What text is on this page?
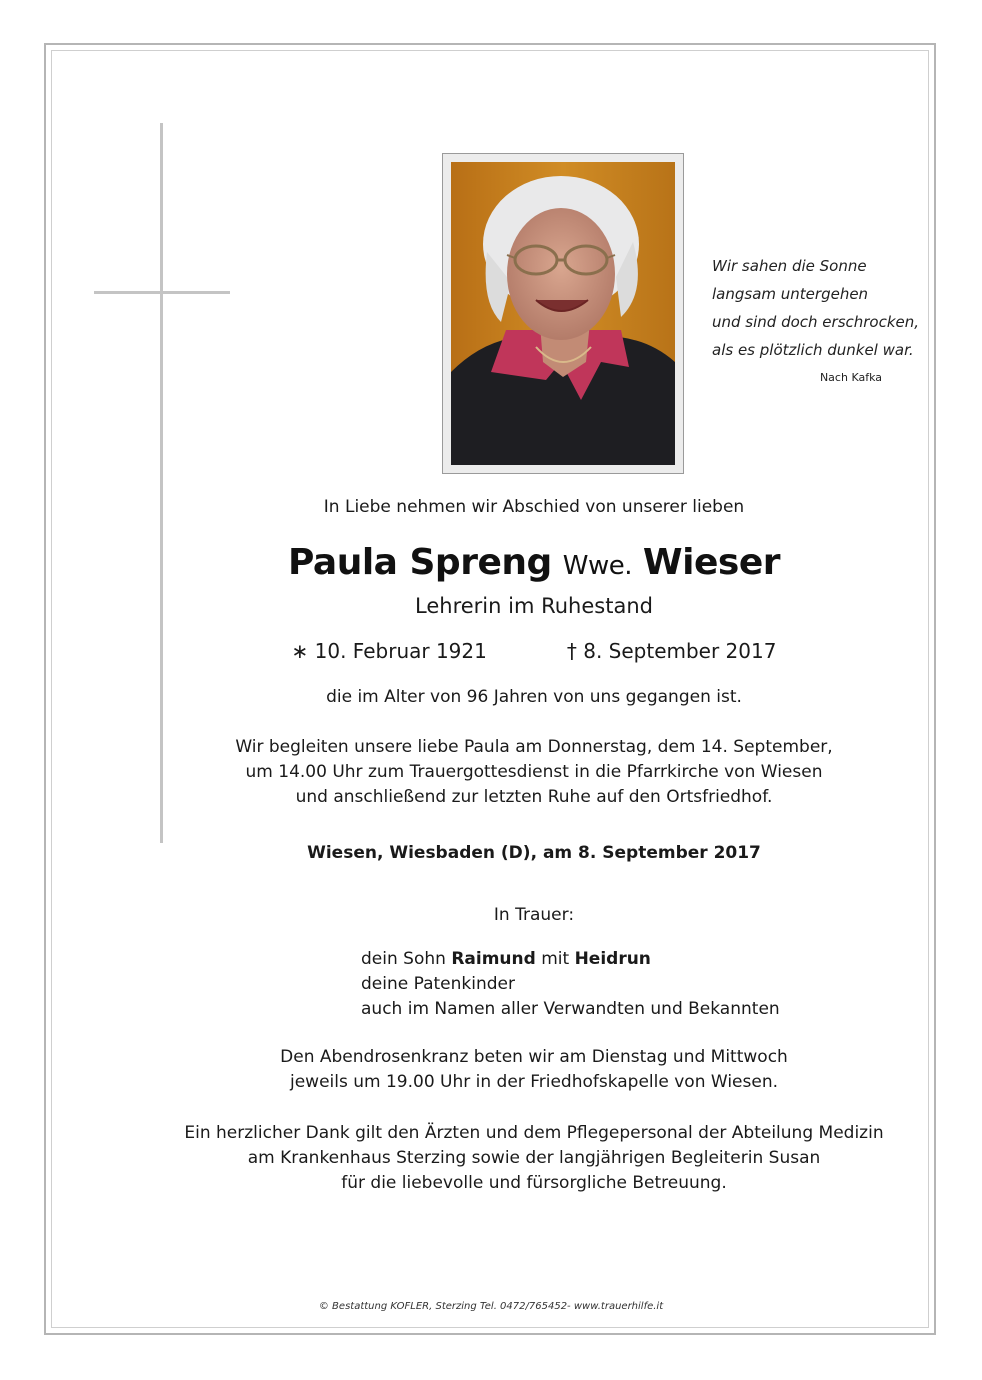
Wir sahen die Sonne
langsam untergehen
und sind doch erschrocken,
als es plötzlich dunkel war.
Nach Kafka
In Liebe nehmen wir Abschied von unserer lieben
Paula Spreng Wwe. Wieser
Lehrerin im Ruhestand
∗ 10. Februar 1921	† 8. September 2017
die im Alter von 96 Jahren von uns gegangen ist.
Wir begleiten unsere liebe Paula am Donnerstag, dem 14. September,
um 14.00 Uhr zum Trauergottesdienst in die Pfarrkirche von Wiesen
und anschließend zur letzten Ruhe auf den Ortsfriedhof.
Wiesen, Wiesbaden (D), am 8. September 2017
In Trauer:
dein Sohn Raimund mit Heidrun
deine Patenkinder
auch im Namen aller Verwandten und Bekannten
Den Abendrosenkranz beten wir am Dienstag und Mittwoch
jeweils um 19.00 Uhr in der Friedhofskapelle von Wiesen.
Ein herzlicher Dank gilt den Ärzten und dem Pflegepersonal der Abteilung Medizin
am Krankenhaus Sterzing sowie der langjährigen Begleiterin Susan
für die liebevolle und fürsorgliche Betreuung.
© Bestattung KOFLER, Sterzing Tel. 0472/765452- www.trauerhilfe.it
